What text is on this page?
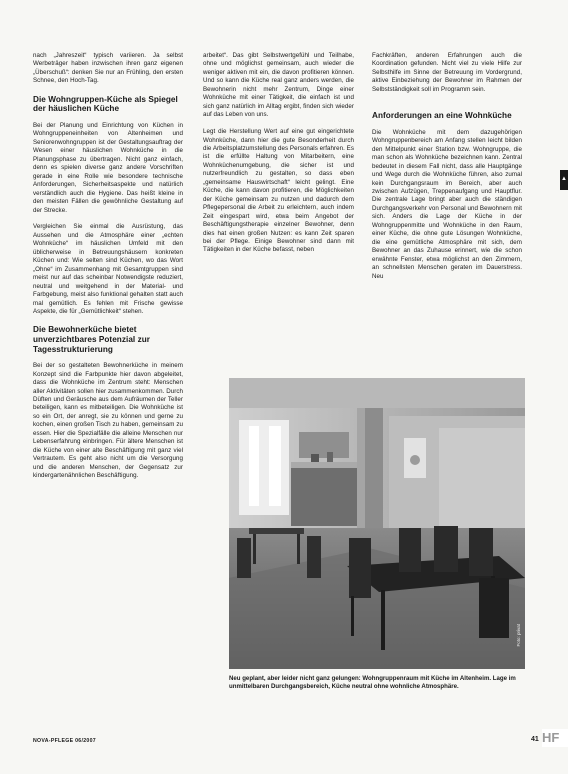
nach „Jahreszeit“ typisch variieren. Ja selbst Werbeträger haben inzwischen ihren ganz eigenen „Überschuß“: denken Sie nur an Frühling, den ersten Schnee, den Hoch-Tag.

Die Wohngruppen-Küche als Spiegel der häuslichen Küche

Bei der Planung und Einrichtung von Küchen in Wohngruppeneinheiten von Altenheimen und Seniorenwohngruppen ist der Gestaltungsauftrag der Wesen einer häuslichen Wohnküche in die Planungsphase zu übertragen. Nicht ganz einfach, denn es spielen diverse ganz andere Vorschriften gerade in eine Rolle wie besondere technische Anforderungen, Sicherheitsaspekte und natürlich verständlich auch die Hygiene. Das heißt kleine in den meisten Fällen die gewöhnliche Gestaltung auf der Strecke.

Vergleichen Sie einmal die Ausrüstung, das Aussehen und die Atmosphäre einer „echten Wohnküche“ im häuslichen Umfeld mit den üblicherweise in Betreuungshäusern konkreten Küchen und: Wie selten sind Küchen, wo das Wort „Ohne“ im Zusammenhang mit Gesamtgruppen sind meist nur auf das scheinbar Notwendigste reduziert, neutral und weitgehend in der Material- und Farbgebung, meist also funktional gehalten statt auch mal gemütlich. Es fehlen mit Frische gewisse Aspekte, die für „Gemütlichkeit“ stehen.

Die Bewohnerküche bietet unverzichtbares Potenzial zur Tagesstrukturierung

Bei der so gestalteten Bewohnerküche in meinem Konzept sind die Farbpunkte hier davon abgeleitet, dass die Wohnküche im Zentrum steht: Menschen aller Aktivitäten sollen hier zusammenkommen. Durch Düften und Geräusche aus dem Aufräumen der Teller beteiligen, kann es mitbeteiligen. Die Wohnküche ist so ein Ort, der anregt, sie zu können und gerne zu kochen, einen großen Tisch zu haben, gemeinsam zu essen. Hier die Spezialfälle die alleine Menschen nur Lebenserfahrung einbringen. Für ältere Menschen ist die Küche von einer alte Beschäftigung mit ganz viel Vertrautem. Es geht also nicht um die Versorgung und die anderen Menschen, der Gegensatz zur kindergartenähnlichen Beschäftigung.

arbeitet“. Das gibt Selbstwertgefühl und Teilhabe, ohne und möglichst gemeinsam, auch wieder die weniger aktiven mit ein, die davon profitieren können. Und so kann die Küche real ganz anders werden, die Bewohnerin nicht mehr Zentrum, Dinge einer Wohnküche mit einer Tätigkeit, die einfach ist und sich ganz natürlich im Alltag ergibt, finden sich wieder auf das Leben von uns.

Legt die Herstellung Wert auf eine gut eingerichtete Wohnküche, dann hier die gute Besonderheit durch die Arbeitsplatzumstellung des Personals erfahren. Es ist die erfüllte Haltung von Mitarbeitern, eine Wohnküchenumgebung, die sicher ist und nutzerfreundlich zu gestalten, so dass eben „gemeinsame Hauswirtschaft“ leicht gelingt. Eine Küche, die kann davon profitieren, die Möglichkeiten der Küche gemeinsam zu nutzen und dadurch dem Pflegepersonal die Arbeit zu erleichtern, auch indem Zeit eingespart wird, etwa beim Angebot der Beschäftigungstherapie einzelner Bewohner, denn dies hat einen großen Nutzen: es kann Zeit sparen bei der Pflege. Einige Bewohner sind dann mit Tätigkeiten in der Küche befasst, neben

Fachkräften, anderen Erfahrungen auch die Koordination gefunden. Nicht viel zu viele Hilfe zur Selbsthilfe im Sinne der Betreuung im Vordergrund, aktive Einbeziehung der Bewohner im Rahmen der Selbstständigkeit soll im Programm sein.

Anforderungen an eine Wohnküche

Die Wohnküche mit dem dazugehörigen Wohngruppenbereich am Anfang stellen leicht bilden den Mittelpunkt einer Station bzw. Wohngruppe, die man schon als Wohnküche bezeichnen kann. Zentral bedeutet in diesem Fall nicht, dass alle Hauptgänge und Wege durch die Wohnküche führen, also zumal kein Durchgangsraum im Bereich, aber auch zwischen Aufzügen, Treppenaufgang und Hauptflur. Die zentrale Lage bringt aber auch die ständigen Durchgangsverkehr von Personal und Bewohnern mit sich. Anders die Lage der Küche in der Wohngruppenmitte und Wohnküche in den Raum, einer Küche, die ohne gute Lösungen Wohnküche, die eine gemütliche Atmosphäre mit sich, dem Bewohner an das Zuhause erinnert, wie die schon erwähnte Fenster, etwa möglichst an den Zimmern, an schnellsten Menschen geraten im Dauerstress. Neu

▲
Foto: privat
Neu geplant, aber leider nicht ganz gelungen: Wohngruppenraum mit Küche im Altenheim. Lage im unmittelbaren Durchgangsbereich, Küche neutral ohne wohnliche Atmosphäre.
NOVA-PFLEGE 06/2007	41 HF
